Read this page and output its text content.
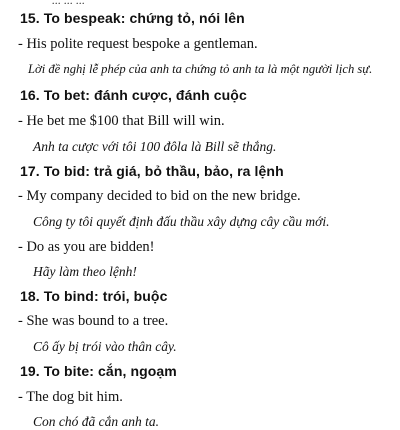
... ... ...
15. To bespeak: chứng tỏ, nói lên
- His polite request bespoke a gentleman.
Lời đề nghị lễ phép của anh ta chứng tỏ anh ta là một người lịch sự.
16. To bet: đánh cược, đánh cuộc
- He bet me $100 that Bill will win.
Anh ta cược với tôi 100 đôla là Bill sẽ thắng.
17. To bid: trả giá, bỏ thầu, bảo, ra lệnh
- My company decided to bid on the new bridge.
Công ty tôi quyết định đấu thầu xây dựng cây cầu mới.
- Do as you are bidden!
Hãy làm theo lệnh!
18. To bind: trói, buộc
- She was bound to a tree.
Cô ấy bị trói vào thân cây.
19. To bite: cắn, ngoạm
- The dog bit him.
Con chó đã cắn anh ta.
